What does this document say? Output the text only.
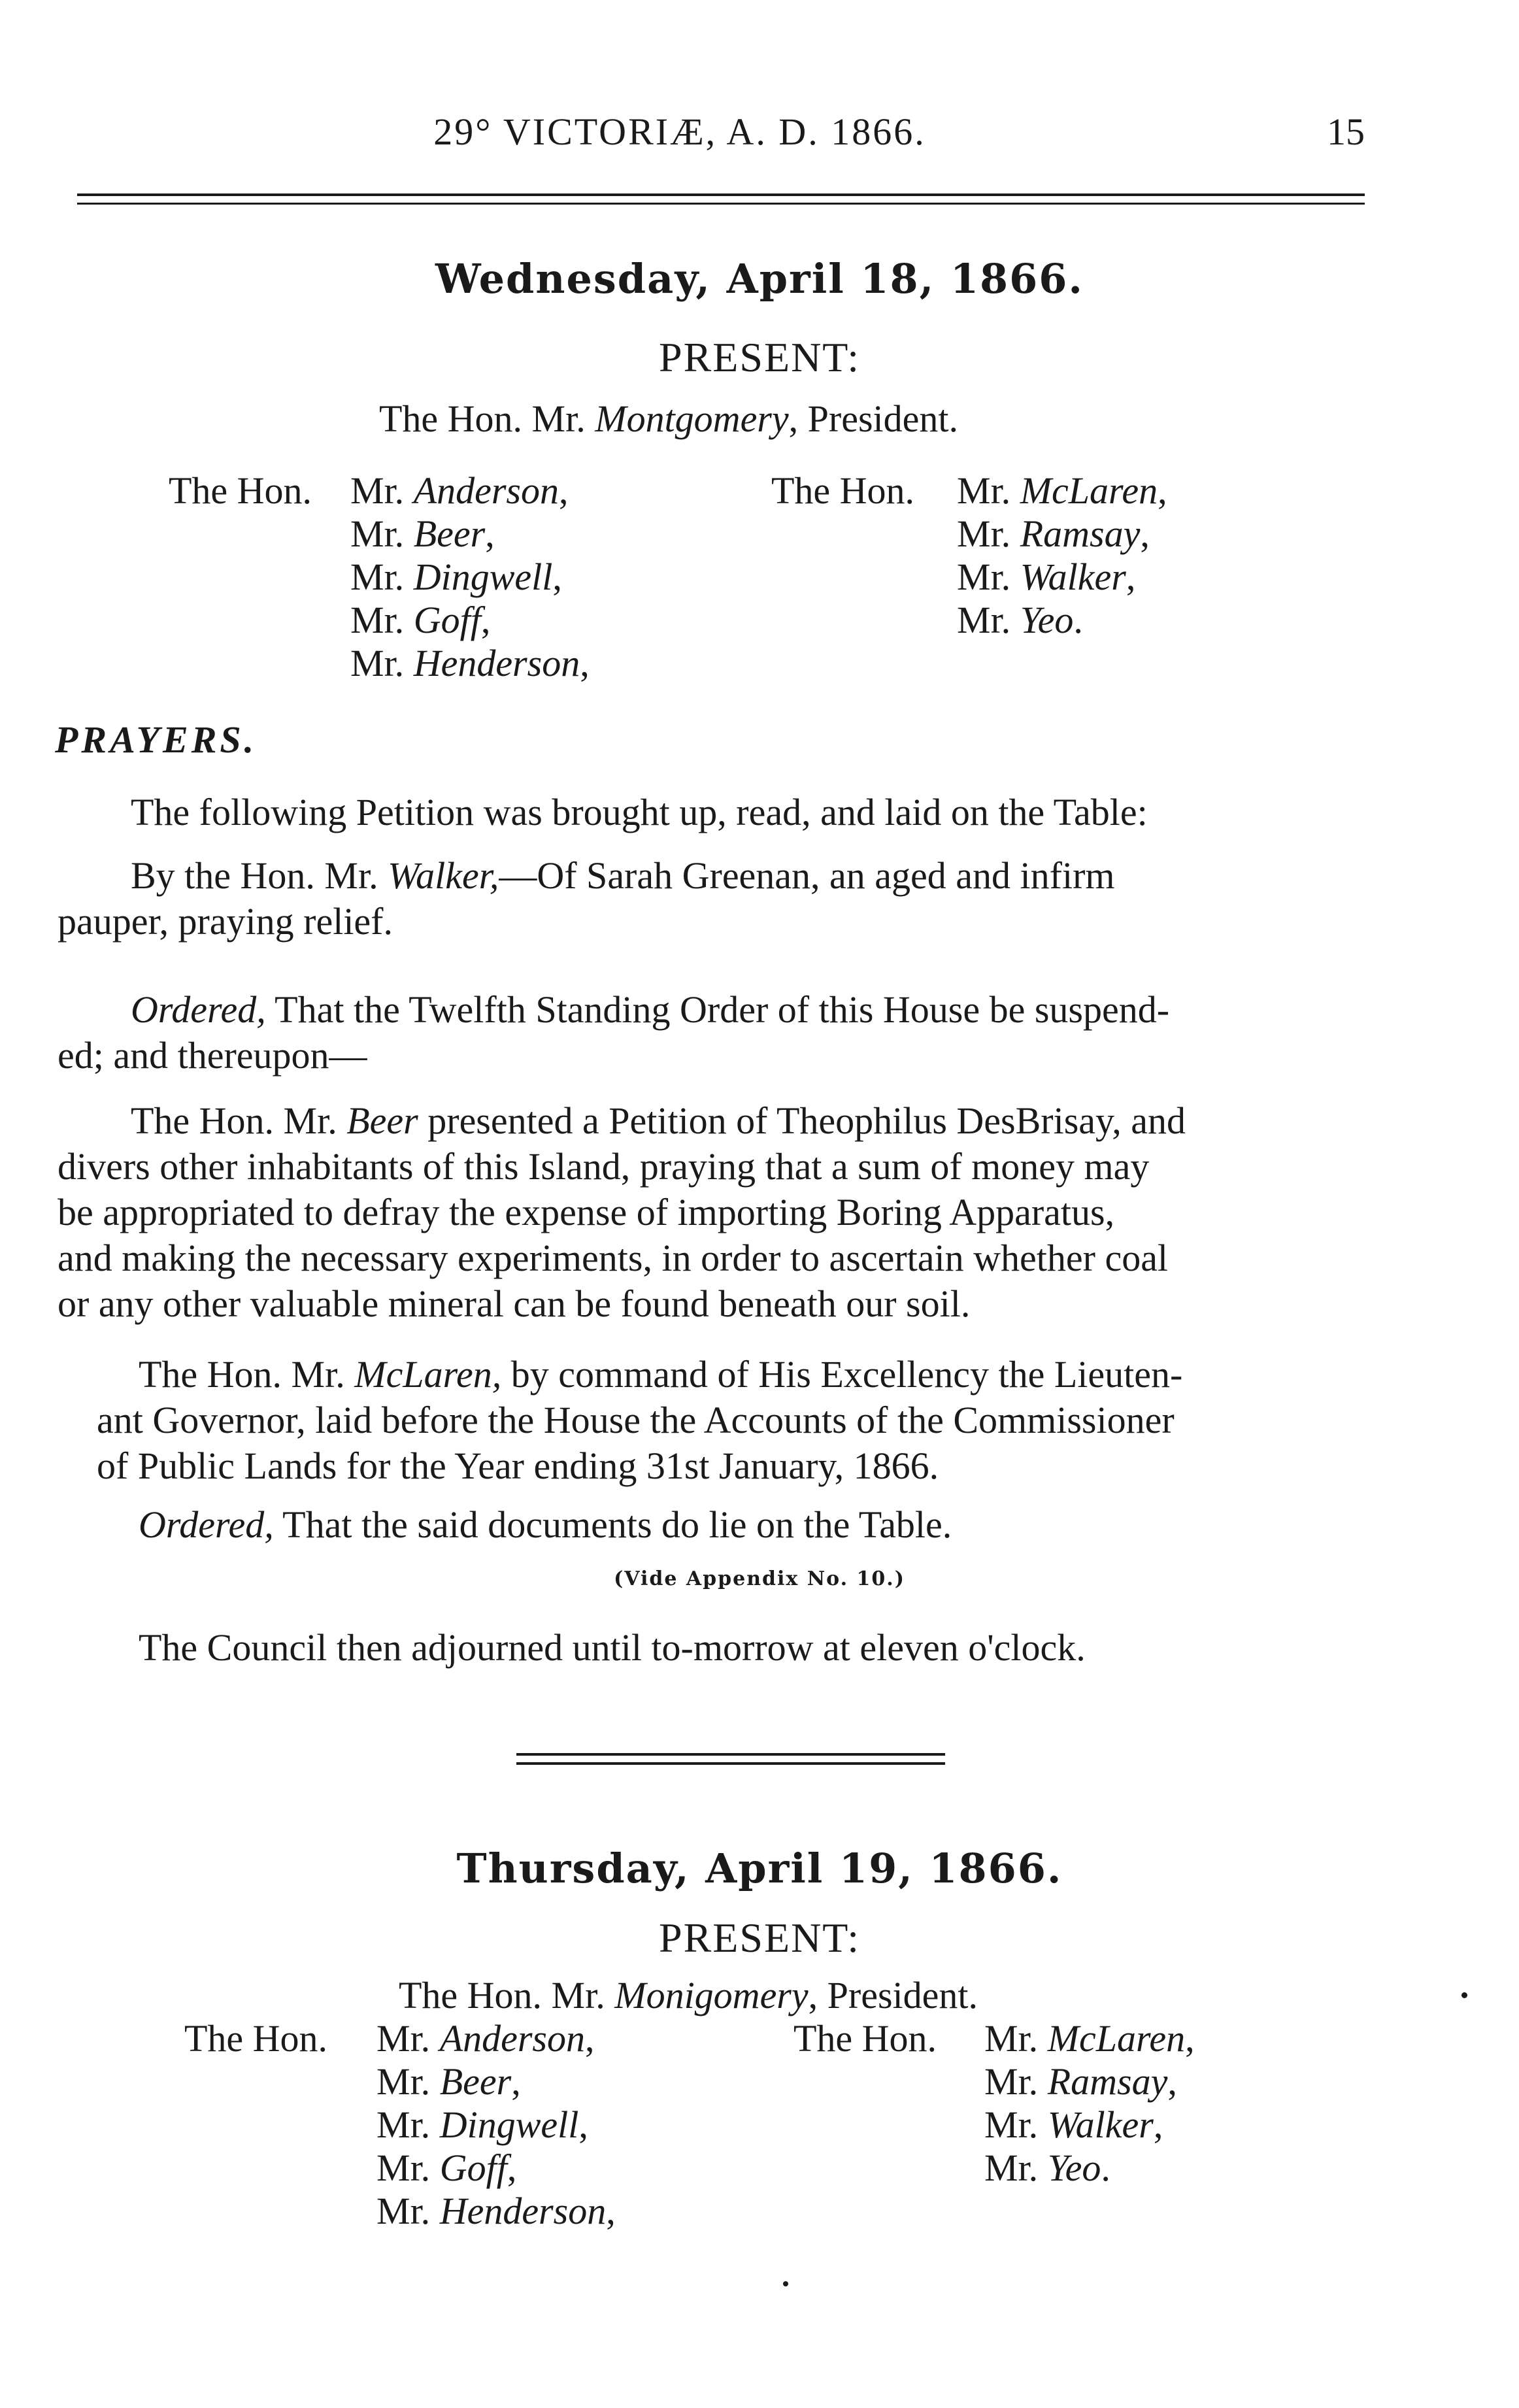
29° VICTORIÆ, A. D. 1866.	15
Wednesday, April 18, 1866.
PRESENT:
The Hon. Mr. Montgomery, President.
The Hon. Mr. Anderson,
Mr. Beer,
Mr. Dingwell,
Mr. Goff,
Mr. Henderson,
The Hon. Mr. McLaren,
Mr. Ramsay,
Mr. Walker,
Mr. Yeo.
PRAYERS.
The following Petition was brought up, read, and laid on the Table:
By the Hon. Mr. Walker,—Of Sarah Greenan, an aged and infirm
pauper, praying relief.
Ordered, That the Twelfth Standing Order of this House be suspend-
ed; and thereupon—
The Hon. Mr. Beer presented a Petition of Theophilus DesBrisay, and
divers other inhabitants of this Island, praying that a sum of money may
be appropriated to defray the expense of importing Boring Apparatus,
and making the necessary experiments, in order to ascertain whether coal
or any other valuable mineral can be found beneath our soil.
The Hon. Mr. McLaren, by command of His Excellency the Lieuten-
ant Governor, laid before the House the Accounts of the Commissioner
of Public Lands for the Year ending 31st January, 1866.
Ordered, That the said documents do lie on the Table.
(Vide Appendix No. 10.)
The Council then adjourned until to-morrow at eleven o'clock.
Thursday, April 19, 1866.
PRESENT:
The Hon. Mr. Monigomery, President.
The Hon. Mr. Anderson,
Mr. Beer,
Mr. Dingwell,
Mr. Goff,
Mr. Henderson,
The Hon. Mr. McLaren,
Mr. Ramsay,
Mr. Walker,
Mr. Yeo.
